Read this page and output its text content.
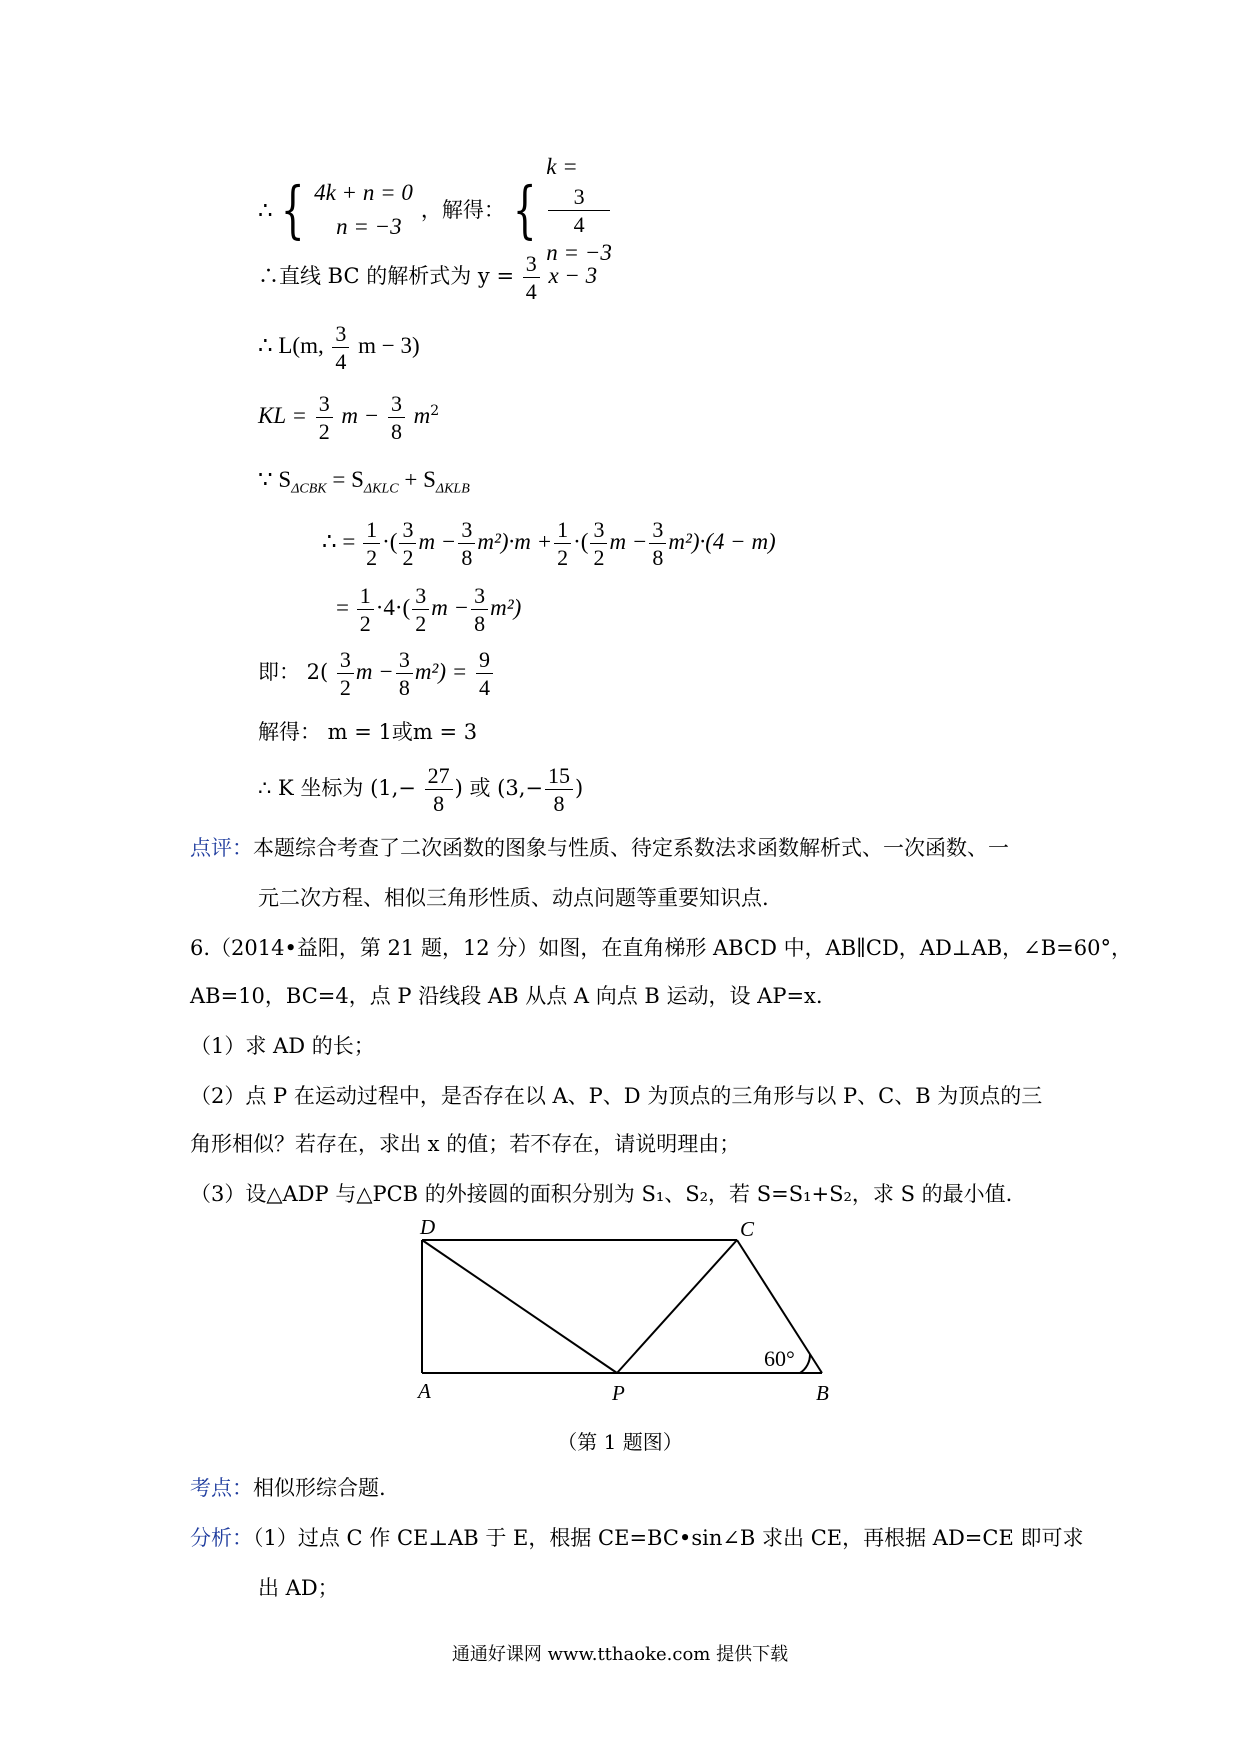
∴ { 4k + n = 0
n = −3
，解得： {
k =
3
4
n = −3
∴直线 BC 的解析式为 $y = \frac{3}{4}$ x − 3
∴ L(m, $\frac{3}{4}$ m − 3)
KL = $\frac{3}{2}$ $m - \frac{3}{8} m^2$
∵ $S_{\Delta CBK} = S_{\Delta KLC} + S_{\Delta KLB}$
∴ = $\frac{1}{2}$ ·( $\frac{3}{2}$ $m - \frac{3}{8} m^2)\cdot m + \frac{1}{2}$ ·( $\frac{3}{2}$ $m - \frac{3}{8} m^2)\cdot(4 - m)$
= $\frac{1}{2} \cdot 4\cdot( \frac{3}{2}$ $m - \frac{3}{8} m^2$)
即： $2( \frac{3}{2}$ $m - \frac{3}{8} m^2) = \frac{9}{4}$
解得： m = 1或m = 3
∴ K 坐标为 ($1,- \frac{27}{8}$ ) 或 ($3,- \frac{15}{8}$ )
点评：本题综合考查了二次函数的图象与性质、待定系数法求函数解析式、一次函数、一
元二次方程、相似三角形性质、动点问题等重要知识点.
6.（2014•益阳，第 21 题，12 分）如图，在直角梯形 ABCD 中，AB∥CD，AD⊥AB，∠B=60°，
AB=10，BC=4，点 P 沿线段 AB 从点 A 向点 B 运动，设 AP=x.
（1）求 AD 的长；
（2）点 P 在运动过程中，是否存在以 A、P、D 为顶点的三角形与以 P、C、B 为顶点的三
角形相似？若存在，求出 x 的值；若不存在，请说明理由；
（3）设△ADP 与△PCB 的外接圆的面积分别为 S₁、S₂，若 S=S₁+S₂，求 S 的最小值.
D	C
A	P	B
60°
（第 1 题图）
考点：相似形综合题.
分析：（1）过点 C 作 CE⊥AB 于 E，根据 CE=BC•sin∠B 求出 CE，再根据 AD=CE 即可求
出 AD；
通通好课网 www.tthaoke.com 提供下载
